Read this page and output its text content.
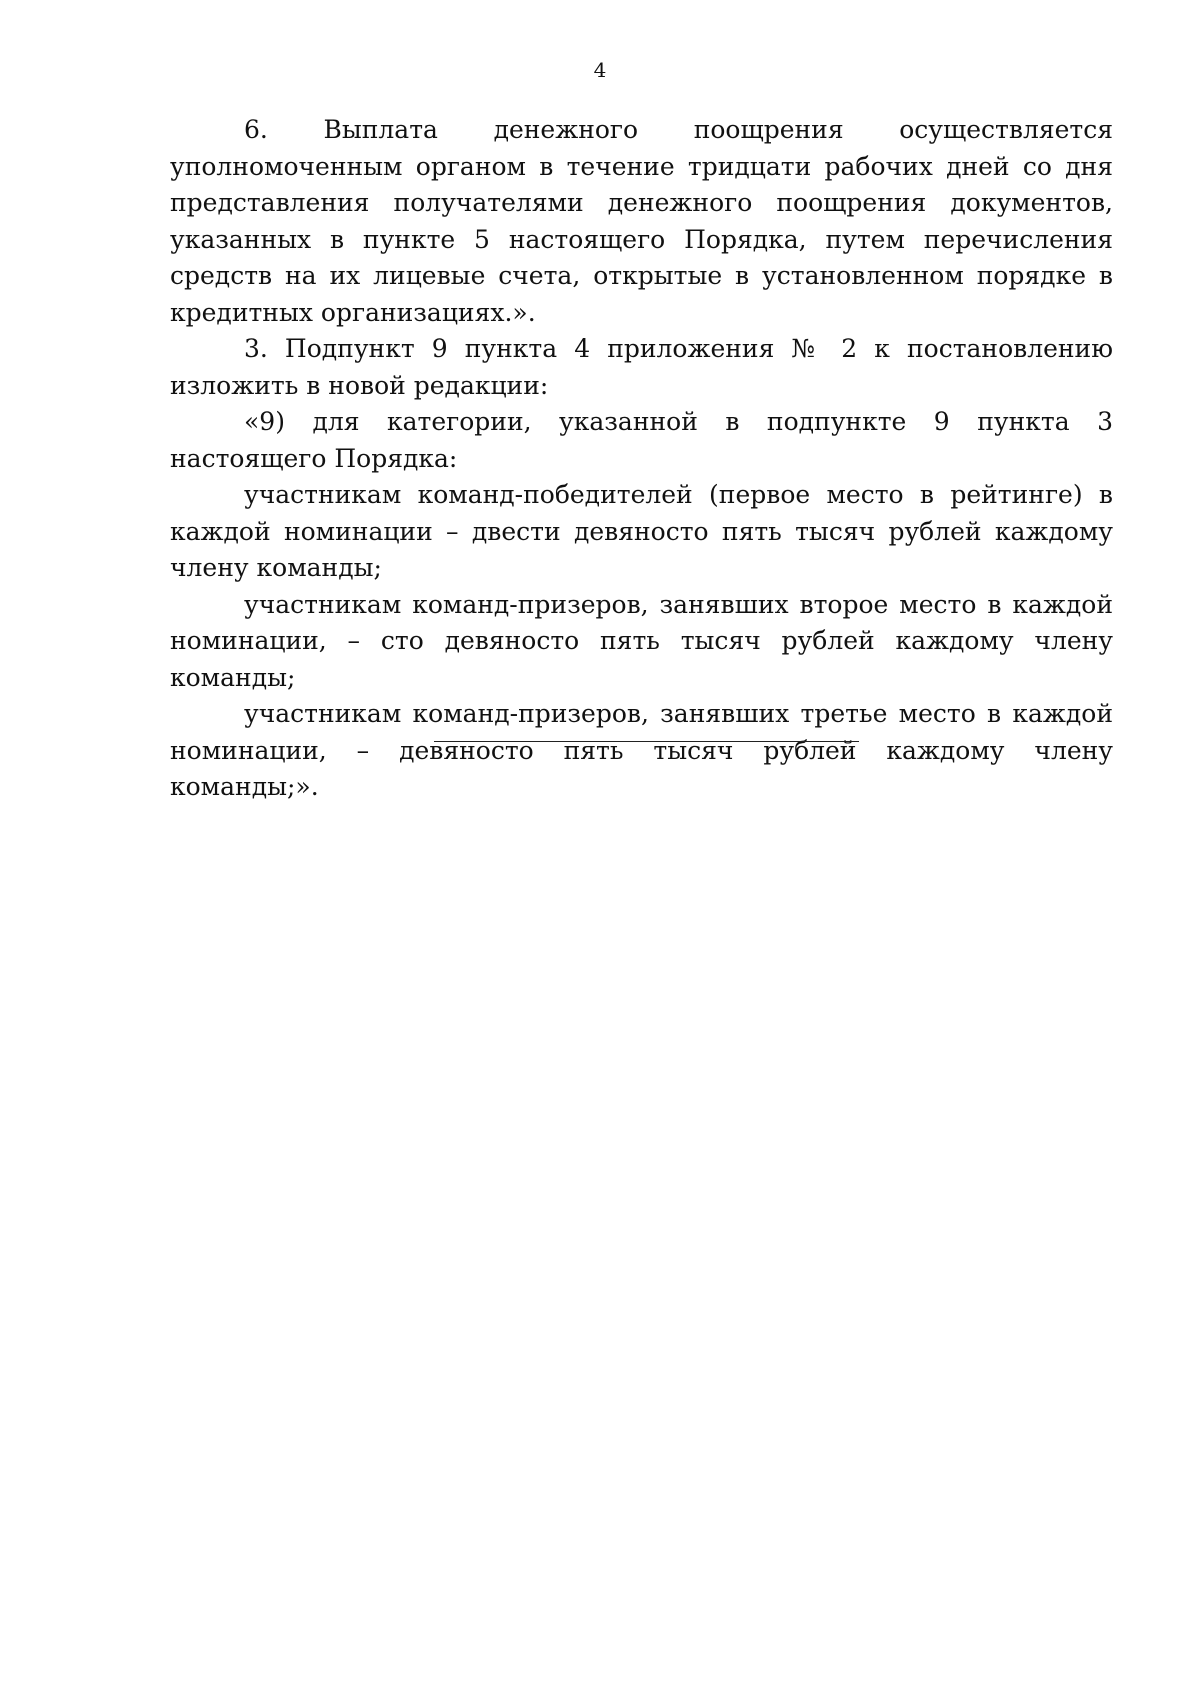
4

6. Выплата денежного поощрения осуществляется уполномоченным органом в течение тридцати рабочих дней со дня представления получателями денежного поощрения документов, указанных в пункте 5 настоящего Порядка, путем перечисления средств на их лицевые счета, открытые в установленном порядке в кредитных организациях.».

3. Подпункт 9 пункта 4 приложения № 2 к постановлению изложить в новой редакции:

«9) для категории, указанной в подпункте 9 пункта 3 настоящего Порядка:

участникам команд-победителей (первое место в рейтинге) в каждой номинации – двести девяносто пять тысяч рублей каждому члену команды;

участникам команд-призеров, занявших второе место в каждой номинации, – сто девяносто пять тысяч рублей каждому члену команды;

участникам команд-призеров, занявших третье место в каждой номинации, – девяносто пять тысяч рублей каждому члену команды;».
